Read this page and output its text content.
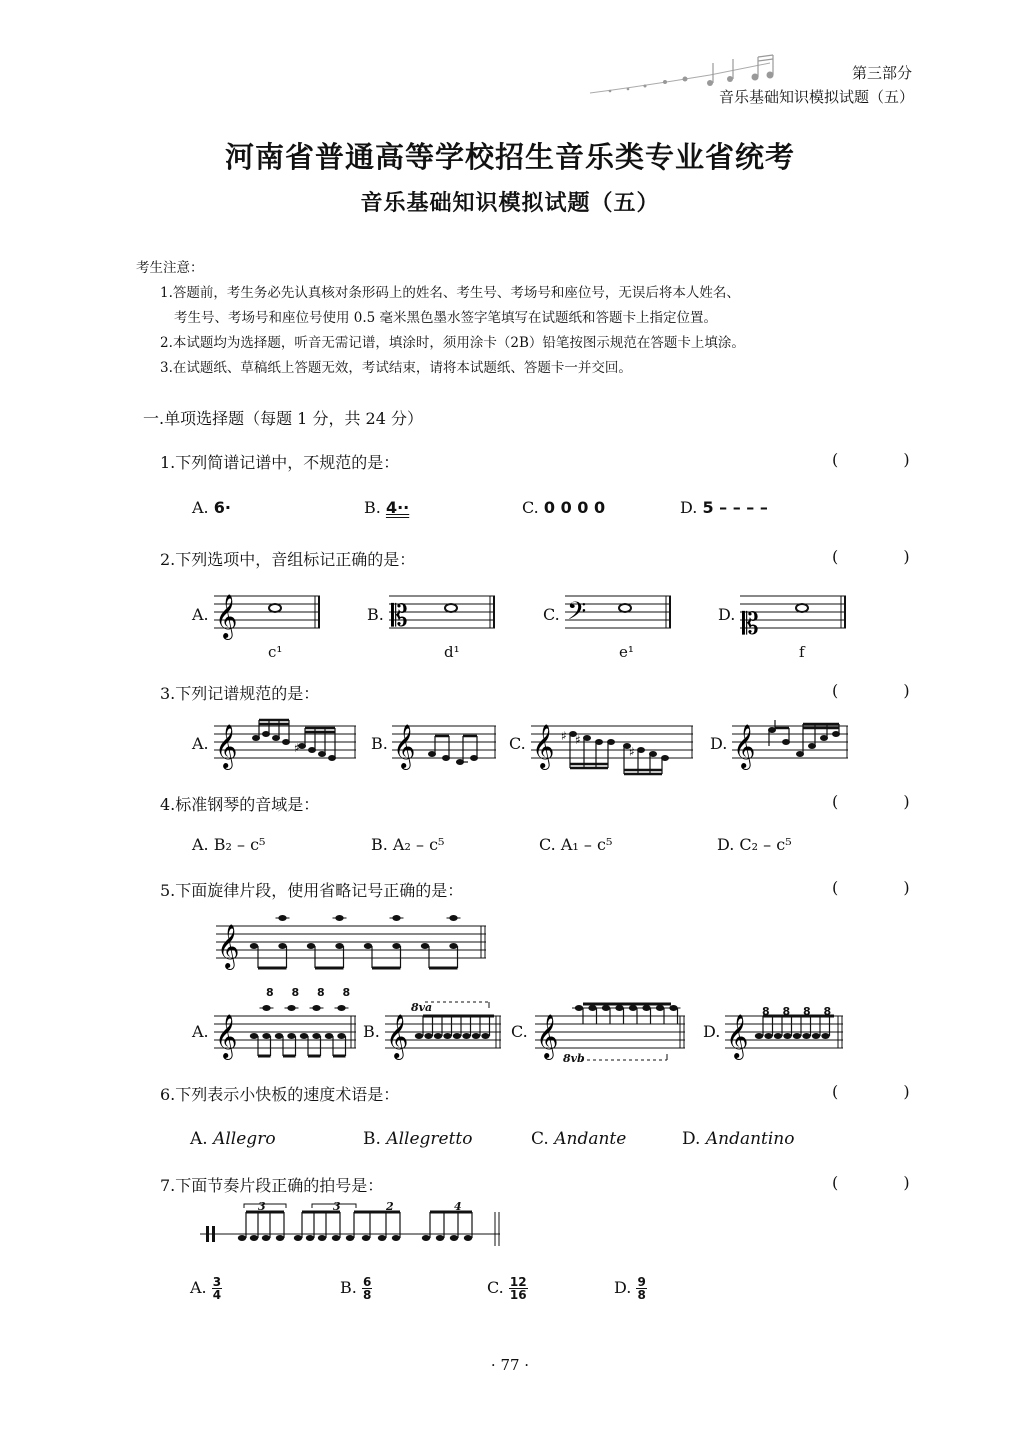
第三部分
音乐基础知识模拟试题（五）
河南省普通高等学校招生音乐类专业省统考
音乐基础知识模拟试题（五）
考生注意：
1.答题前，考生务必先认真核对条形码上的姓名、考生号、考场号和座位号，无误后将本人姓名、
考生号、考场号和座位号使用 0.5 毫米黑色墨水签字笔填写在试题纸和答题卡上指定位置。
2.本试题均为选择题，听音无需记谱，填涂时，须用涂卡（2B）铅笔按图示规范在答题卡上填涂。
3.在试题纸、草稿纸上答题无效，考试结束，请将本试题纸、答题卡一并交回。
一.单项选择题（每题 1 分，共 24 分）
1.下列简谱记谱中，不规范的是：	( )
A. 6·	B. 4··	C. 0 0 0 0	D. 5 – – – –
2.下列选项中，音组标记正确的是：	( )
A.	B.	C.	D.
𝄞	𝄡	𝄢	𝄡
c¹	d¹	e¹	f
3.下列记谱规范的是：	( )
A.	B.	C.	D.
𝄞	♯ 𝄞	𝄞 ♯ ♯
♯	𝄞
4.标准钢琴的音域是：	( )
A. B₂ – c⁵	B. A₂ – c⁵	C. A₁ – c⁵	D. C₂ – c⁵
5.下面旋律片段，使用省略记号正确的是：	( )
𝄞
A.	B.	C.	D.
𝄞	𝄞	𝄞	𝄞
8 8 8 8
8va
8vb
8 8 8 8
6.下列表示小快板的速度术语是：	( )
A. Allegro	B. Allegretto	C. Andante	D. Andantino
7.下面节奏片段正确的拍号是：	( )
3	3	2	4
A. $\frac{3}{4}$	B. $\frac{6}{8}$	C. $\frac{12}{16}$	D. $\frac{9}{8}$
· 77 ·
